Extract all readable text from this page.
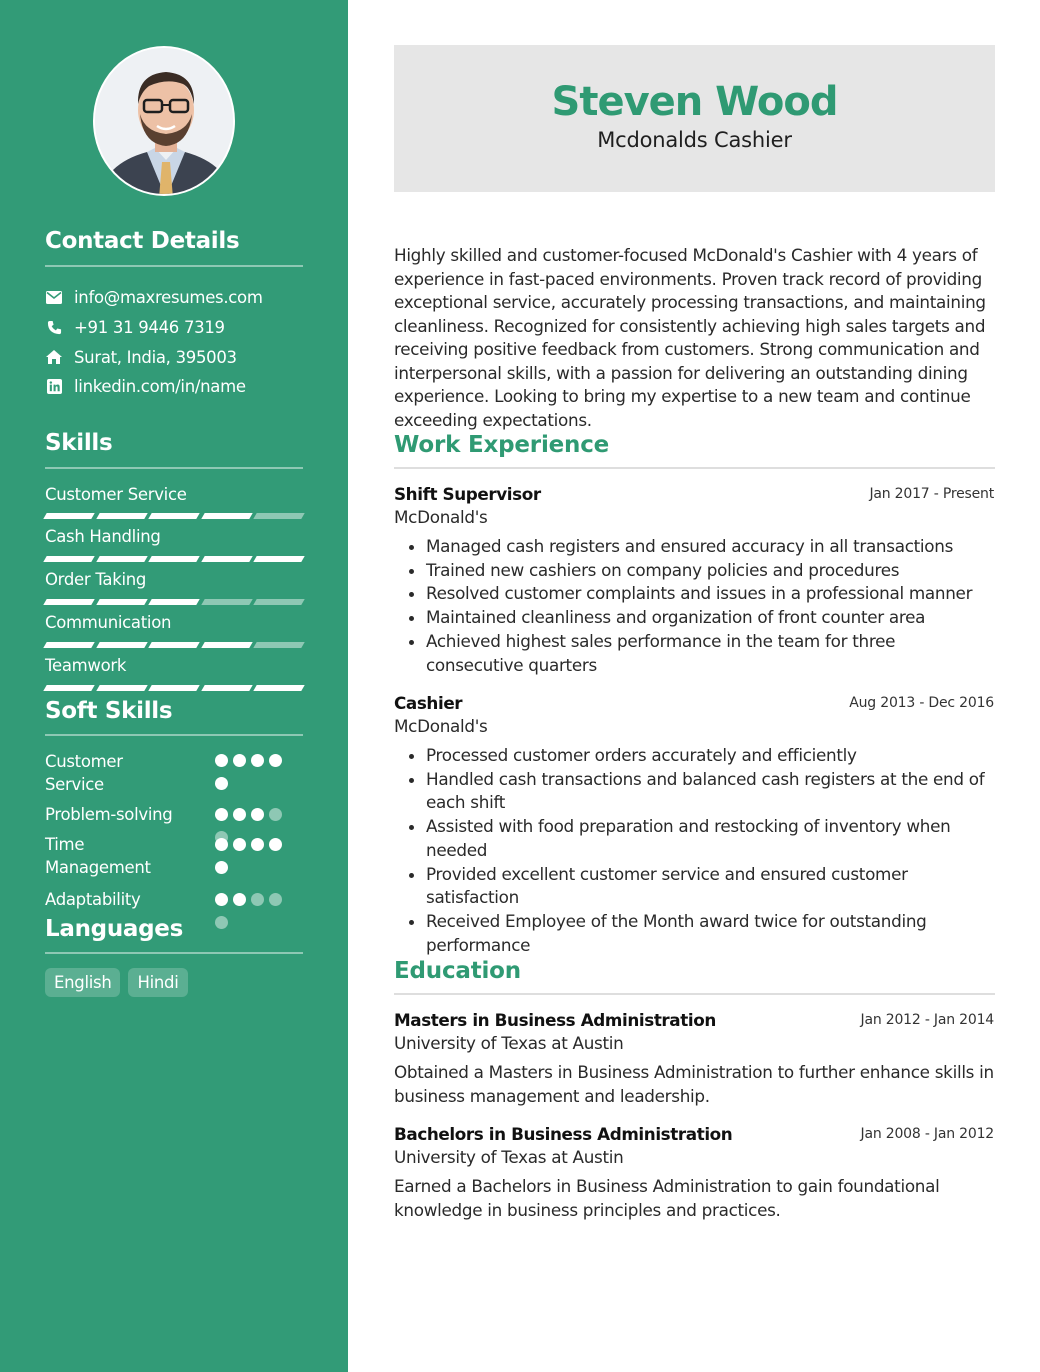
Contact Details
info@maxresumes.com
+91 31 9446 7319
Surat, India, 395003
linkedin.com/in/name
Skills
Customer Service
Cash Handling
Order Taking
Communication
Teamwork
Soft Skills
Customer Service
Problem-solving
Time Management
Adaptability
Languages
English	Hindi
Steven Wood
Mcdonalds Cashier

Highly skilled and customer-focused McDonald's Cashier with 4 years of experience in fast-paced environments. Proven track record of providing exceptional service, accurately processing transactions, and maintaining cleanliness. Recognized for consistently achieving high sales targets and receiving positive feedback from customers. Strong communication and interpersonal skills, with a passion for delivering an outstanding dining experience. Looking to bring my expertise to a new team and continue exceeding expectations.

Work Experience
Shift Supervisor	Jan 2017 - Present
McDonald's
• Managed cash registers and ensured accuracy in all transactions
• Trained new cashiers on company policies and procedures
• Resolved customer complaints and issues in a professional manner
• Maintained cleanliness and organization of front counter area
• Achieved highest sales performance in the team for three consecutive quarters
Cashier	Aug 2013 - Dec 2016
McDonald's
• Processed customer orders accurately and efficiently
• Handled cash transactions and balanced cash registers at the end of each shift
• Assisted with food preparation and restocking of inventory when needed
• Provided excellent customer service and ensured customer satisfaction
• Received Employee of the Month award twice for outstanding performance
Education
Masters in Business Administration	Jan 2012 - Jan 2014
University of Texas at Austin
Obtained a Masters in Business Administration to further enhance skills in business management and leadership.
Bachelors in Business Administration	Jan 2008 - Jan 2012
University of Texas at Austin
Earned a Bachelors in Business Administration to gain foundational knowledge in business principles and practices.
